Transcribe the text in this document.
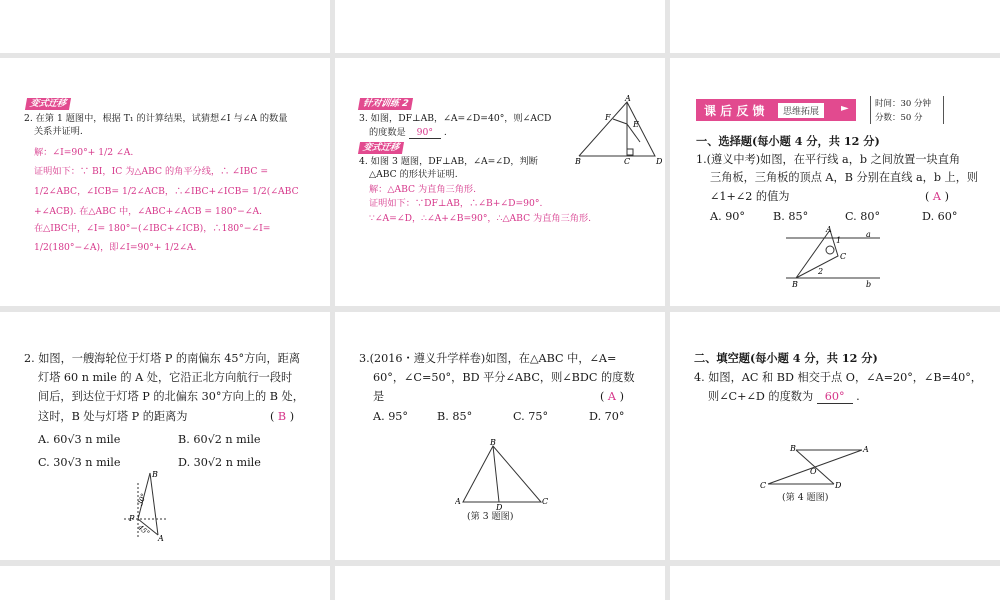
变式迁移
2. 在第 1 题图中，根据 T₁ 的计算结果，试猜想∠I 与∠A 的数量
关系并证明.
解：∠I=90°+ 1/2 ∠A.
证明如下：∵ BI，IC 为△ABC 的角平分线，∴ ∠IBC =
1/2∠ABC，∠ICB= 1/2∠ACB，∴∠IBC+∠ICB= 1/2(∠ABC
+∠ACB). 在△ABC 中，∠ABC+∠ACB = 180°−∠A.
在△IBC中，∠I= 180°−(∠IBC+∠ICB)，∴180°−∠I=
1/2(180°−∠A)，即∠I=90°+ 1/2∠A.
针对训练 2
3. 如图，DF⊥AB，∠A=∠D=40°，则∠ACD
的度数是 90° .
变式迁移
4. 如图 3 题图，DF⊥AB，∠A=∠D，判断
△ABC 的形状并证明.
解：△ABC 为直角三角形.
证明如下：∵DF⊥AB，∴∠B+∠D=90°.
∵∠A=∠D，∴∠A+∠B=90°，∴△ABC 为直角三角形.
A
F
E
B	C	D
课 后 反 馈	思维拓展	►	时间：30 分钟
分数：50 分
一、选择题(每小题 4 分，共 12 分)
1.(遵义中考)如图，在平行线 a，b 之间放置一块直角
三角板，三角板的顶点 A，B 分别在直线 a，b 上，则
∠1+∠2 的值为	( A )
A. 90° B. 85°	C. 80°	D. 60°
A
1
a
C
2
B	b
2. 如图，一艘海轮位于灯塔 P 的南偏东 45°方向，距离
灯塔 60 n mile 的 A 处，它沿正北方向航行一段时
间后，到达位于灯塔 P 的北偏东 30°方向上的 B 处，
这时，B 处与灯塔 P 的距离为	( B )
A. 60√3 n mile	B. 60√2 n mile
C. 30√3 n mile	D. 30√2 n mile
B
30°
P
45°
A
3.(2016・遵义升学样卷)如图，在△ABC 中，∠A=
60°，∠C=50°，BD 平分∠ABC，则∠BDC 的度数
是	( A )
A. 95°	B. 85°	C. 75°	D. 70°
B
A
D
C
(第 3 题图)
二、填空题(每小题 4 分，共 12 分)
4. 如图，AC 和 BD 相交于点 O，∠A=20°，∠B=40°，
则∠C+∠D 的度数为 60° .
B	A
O
C	D
(第 4 题图)
